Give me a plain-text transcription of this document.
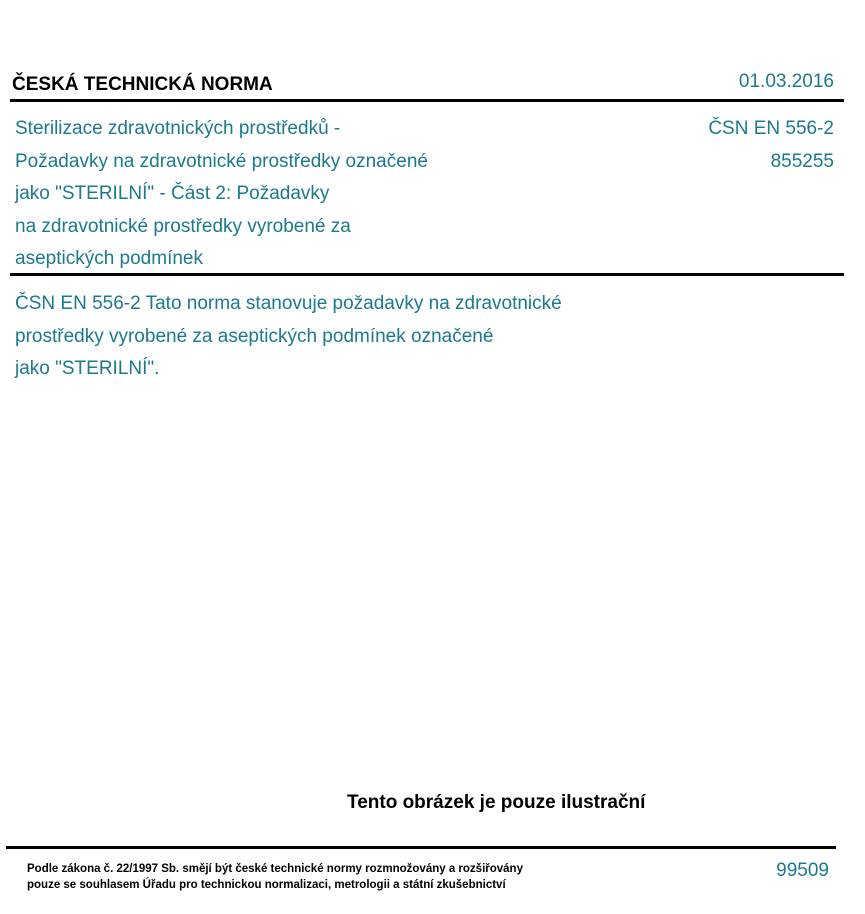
ČESKÁ TECHNICKÁ NORMA	01.03.2016
Sterilizace zdravotnických prostředků -
Požadavky na zdravotnické prostředky označené
jako "STERILNÍ" - Část 2: Požadavky
na zdravotnické prostředky vyrobené za
aseptických podmínek
ČSN EN 556-2
855255
ČSN EN 556-2 Tato norma stanovuje požadavky na zdravotnické
prostředky vyrobené za aseptických podmínek označené
jako "STERILNÍ".
Tento obrázek je pouze ilustrační
Podle zákona č. 22/1997 Sb. smějí být české technické normy rozmnožovány a rozšiřovány
pouze se souhlasem Úřadu pro technickou normalizaci, metrologii a státní zkušebnictví
99509
